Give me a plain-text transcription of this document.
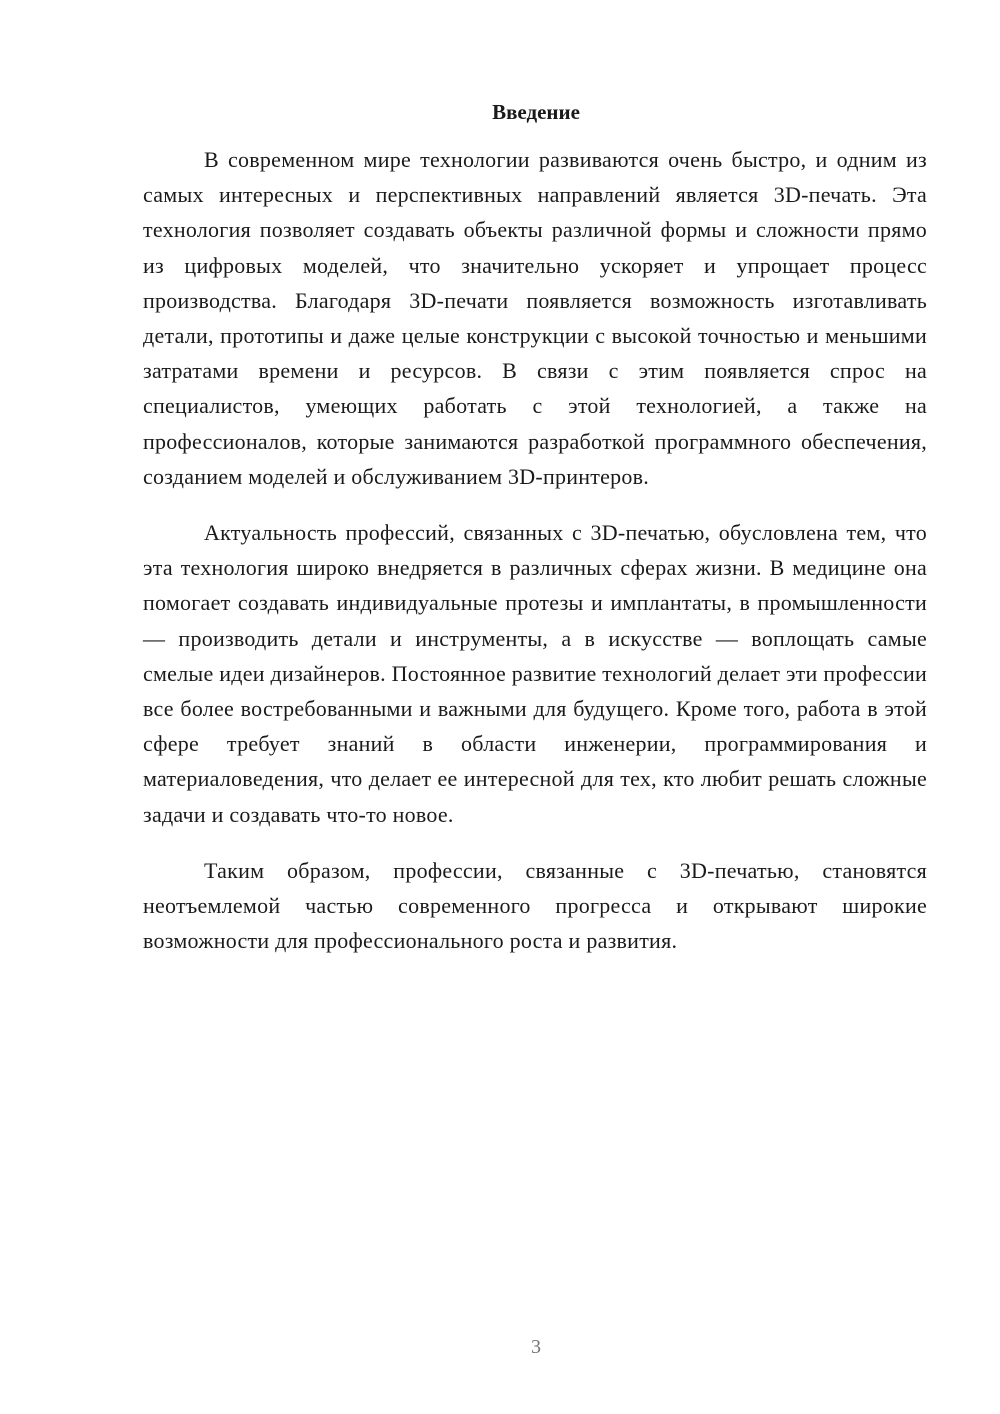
Введение

В современном мире технологии развиваются очень быстро, и одним из самых интересных и перспективных направлений является 3D-печать. Эта технология позволяет создавать объекты различной формы и сложности прямо из цифровых моделей, что значительно ускоряет и упрощает процесс производства. Благодаря 3D-печати появляется возможность изготавливать детали, прототипы и даже целые конструкции с высокой точностью и меньшими затратами времени и ресурсов. В связи с этим появляется спрос на специалистов, умеющих работать с этой технологией, а также на профессионалов, которые занимаются разработкой программного обеспечения, созданием моделей и обслуживанием 3D-принтеров.

Актуальность профессий, связанных с 3D-печатью, обусловлена тем, что эта технология широко внедряется в различных сферах жизни. В медицине она помогает создавать индивидуальные протезы и имплантаты, в промышленности — производить детали и инструменты, а в искусстве — воплощать самые смелые идеи дизайнеров. Постоянное развитие технологий делает эти профессии все более востребованными и важными для будущего. Кроме того, работа в этой сфере требует знаний в области инженерии, программирования и материаловедения, что делает ее интересной для тех, кто любит решать сложные задачи и создавать что-то новое.

Таким образом, профессии, связанные с 3D-печатью, становятся неотъемлемой частью современного прогресса и открывают широкие возможности для профессионального роста и развития.

3
